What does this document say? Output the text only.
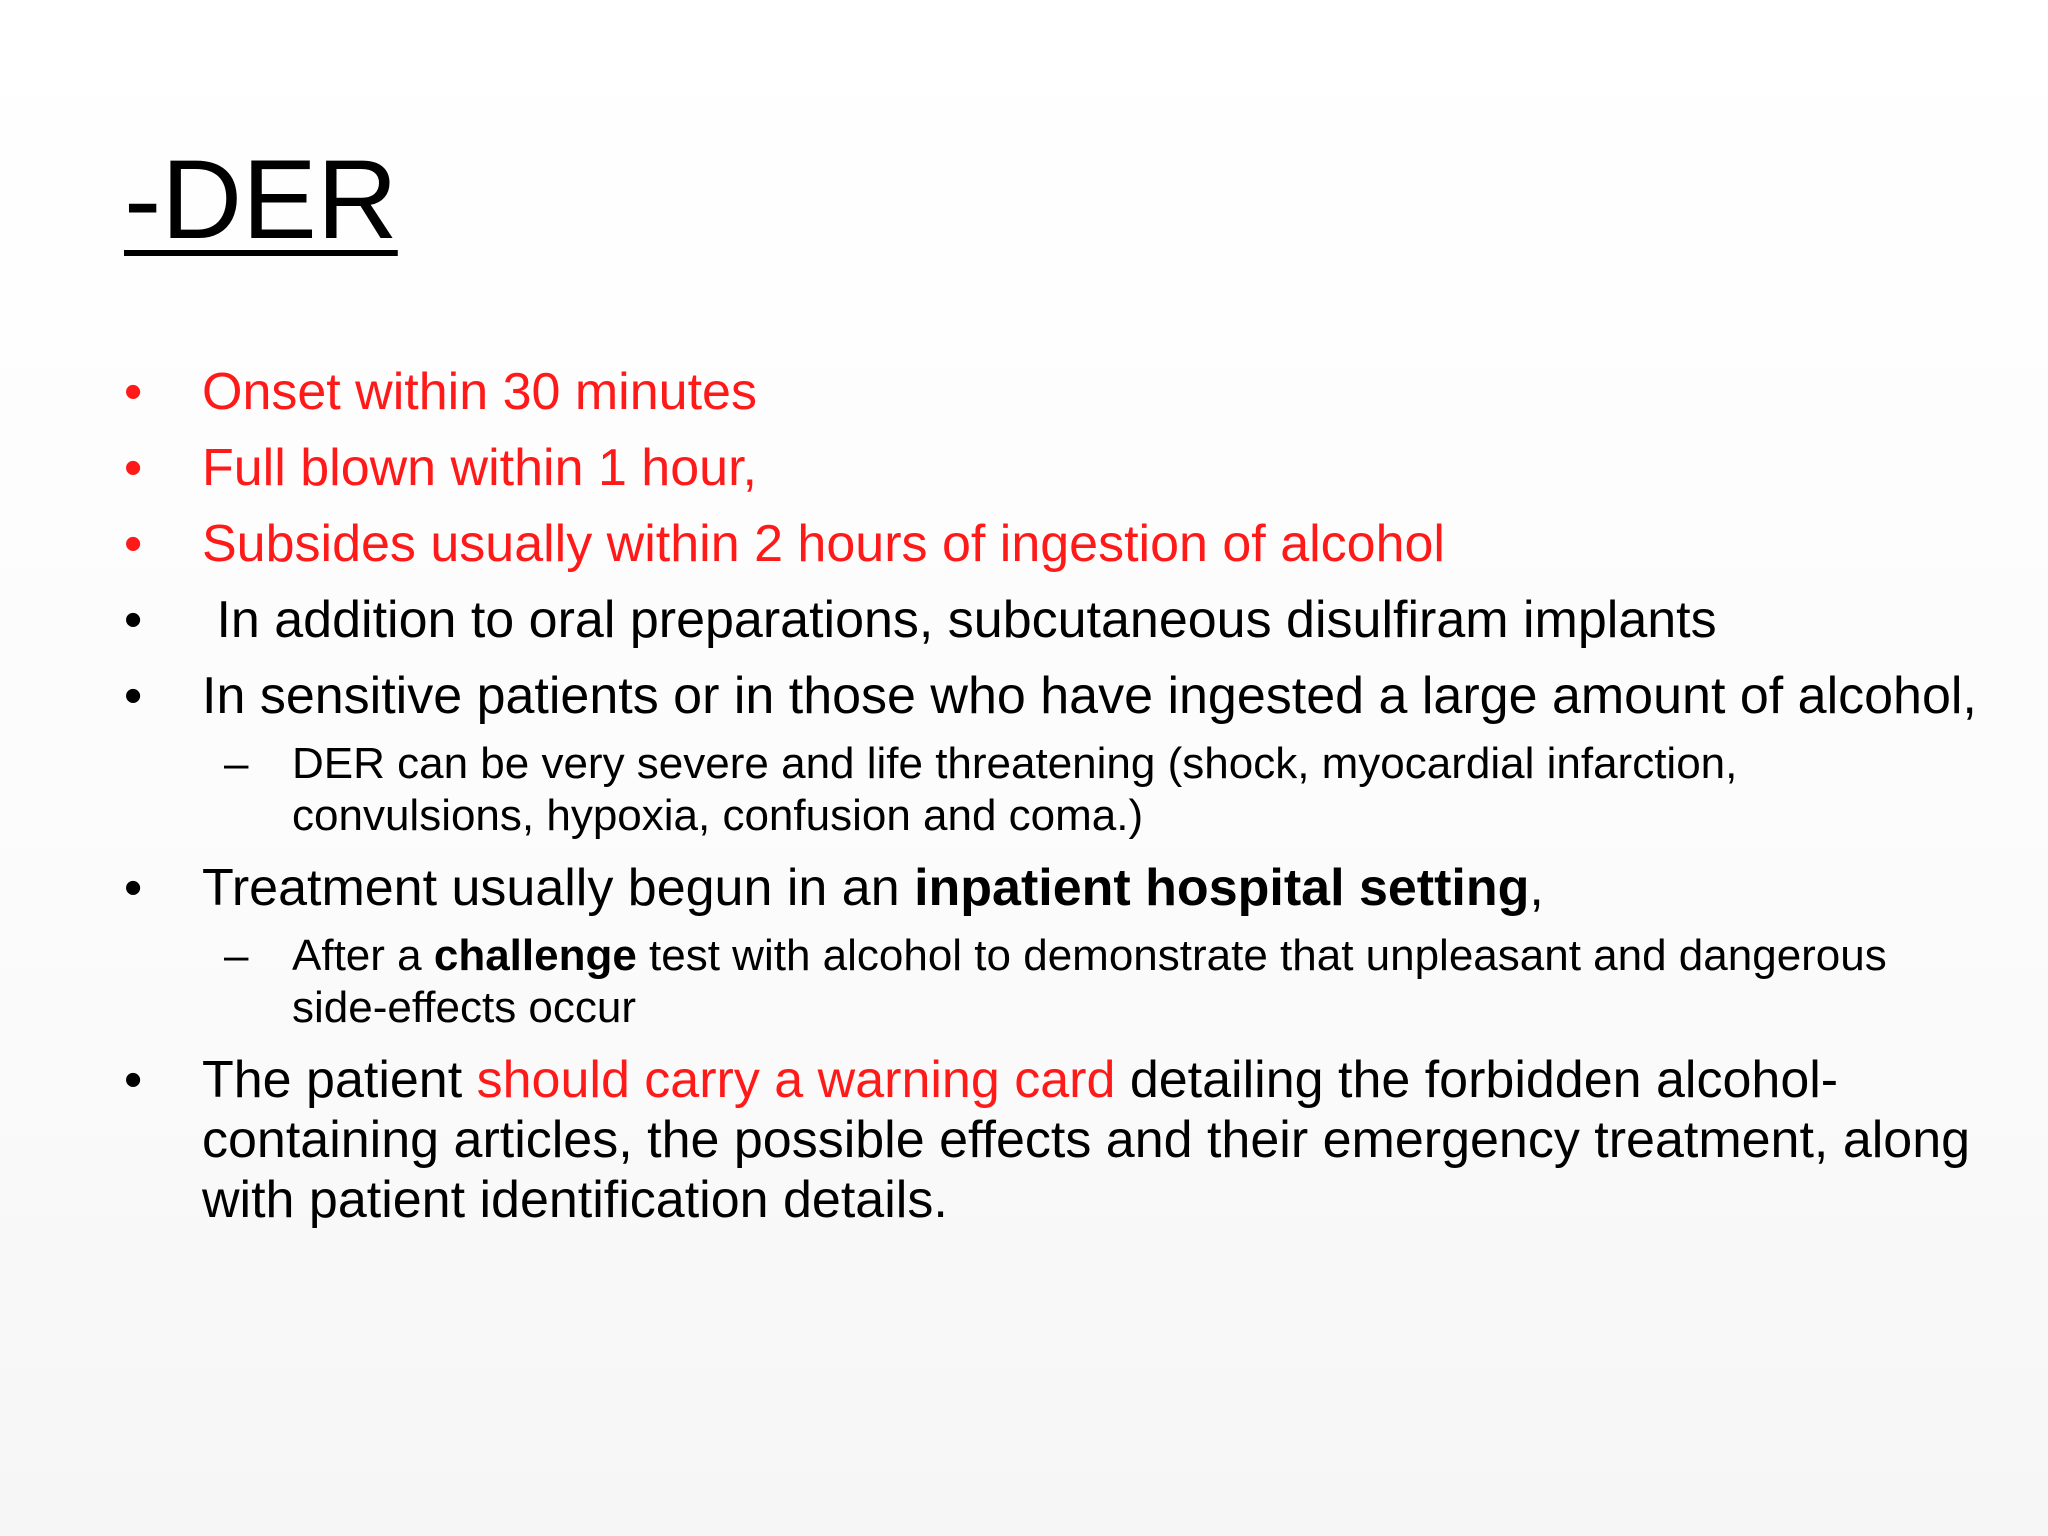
-DER
•	Onset within 30 minutes
•	Full blown within 1 hour,
•	Subsides usually within 2 hours of ingestion of alcohol
•	In addition to oral preparations, subcutaneous disulfiram implants
•	In sensitive patients or in those who have ingested a large amount of alcohol,
– DER can be very severe and life threatening (shock, myocardial infarction, convulsions, hypoxia, confusion and coma.)
•	Treatment usually begun in an inpatient hospital setting,
– After a challenge test with alcohol to demonstrate that unpleasant and dangerous side-effects occur
•	The patient should carry a warning card detailing the forbidden alcohol-containing articles, the possible effects and their emergency treatment, along with patient identification details.
